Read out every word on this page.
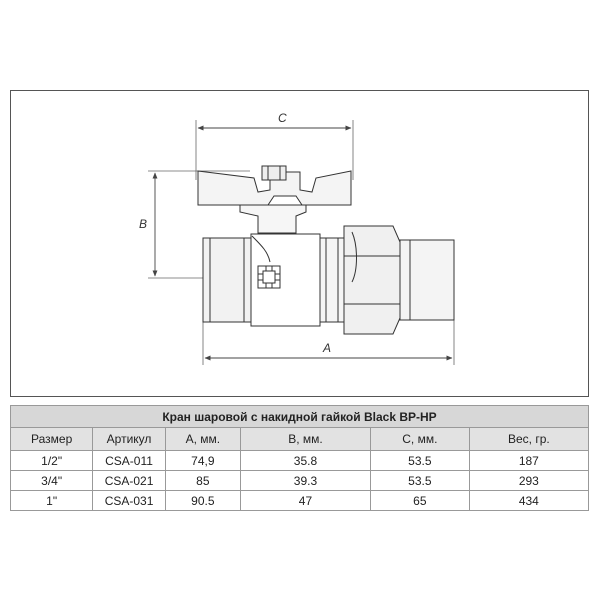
C
B
A
Кран шаровой с накидной гайкой Black BP-HP					
Размер	Артикул	A, мм.	B, мм.	C, мм.	Вес, гр.
1/2"	CSA-011	74,9	35.8	53.5	187
3/4"	CSA-021	85	39.3	53.5	293
1"	CSA-031	90.5	47	65	434
